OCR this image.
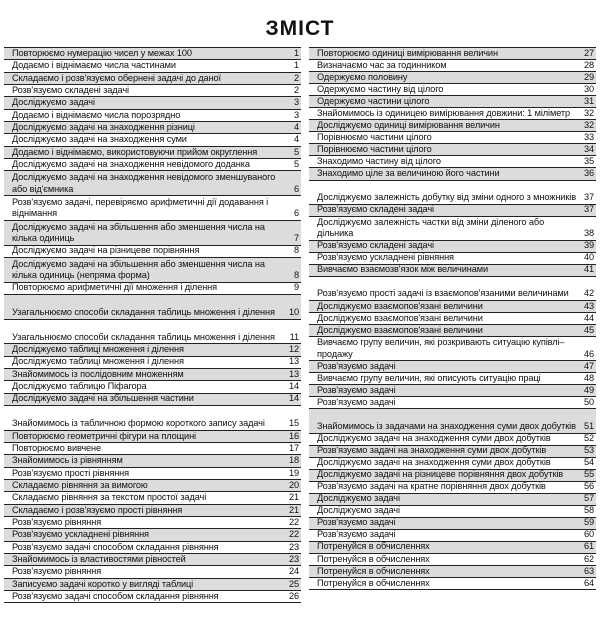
ЗМІСТ
Повторюємо нумерацію чисел у межах 100	1
Додаємо і віднімаємо числа частинами	1
Складаємо і розв'язуємо обернені задачі до даної	2
Розв'язуємо складені задачі	2
Досліджуємо задачі	3
Додаємо і віднімаємо числа порозрядно	3
Досліджуємо задачі на знаходження різниці	4
Досліджуємо задачі на знаходження суми	4
Додаємо і віднімаємо, використовуючи прийом округлення	5
Досліджуємо задачі на знаходження невідомого доданка	5
Досліджуємо задачі на знаходження невідомого зменшуваного або від'ємника	6
Розв'язуємо задачі, перевіряємо арифметичні дії додавання і віднімання	6
Досліджуємо задачі на збільшення або зменшення числа на кілька одиниць	7
Досліджуємо задачі на різницеве порівняння	8
Досліджуємо задачі на збільшення або зменшення числа на кілька одиниць (непряма форма)	8
Повторюємо арифметичні дії множення і ділення	9
Узагальнюємо способи складання таблиць множення і ділення	10
Узагальнюємо способи складання таблиць множення і ділення	11
Досліджуємо таблиці множення і ділення	12
Досліджуємо таблиці множення і ділення	13
Знайомимось із послідовним множенням	13
Досліджуємо таблицю Піфагора	14
Досліджуємо задачі на збільшення частини	14
Знайомимось із табличною формою короткого запису задачі	15
Повторюємо геометричні фігури на площині	16
Повторюємо вивчене	17
Знайомимось із рівнянням	18
Розв'язуємо прості рівняння	19
Складаємо рівняння за вимогою	20
Складаємо рівняння за текстом простої задачі	21
Складаємо і розв'язуємо прості рівняння	21
Розв'язуємо рівняння	22
Розв'язуємо ускладнені рівняння	22
Розв'язуємо задачі способом складання рівняння	23
Знайомимось із властивостями рівностей	23
Розв'язуємо рівняння	24
Записуємо задачі коротко у вигляді таблиці	25
Розв'язуємо задачі способом складання рівняння	26
Повторюємо одиниці вимірювання величин	27
Визначаємо час за годинником	28
Одержуємо половину	29
Одержуємо частину від цілого	30
Одержуємо частини цілого	31
Знайомимось із одиницею вимірювання довжини: 1 міліметр	32
Досліджуємо одиниці вимірювання величин	32
Порівнюємо частини цілого	33
Порівнюємо частини цілого	34
Знаходимо частину від цілого	35
Знаходимо ціле за величиною його частини	36
Досліджуємо залежність добутку від зміни одного з множників 37
Розв'язуємо складені задачі	37
Досліджуємо залежність частки від зміни діленого або дільника	38
Розв'язуємо складені задачі	39
Розв'язуємо ускладнені рівняння	40
Вивчаємо взаємозв'язок між величинами	41
Розв'язуємо прості задачі із взаємопов'язаними величинами	42
Досліджуємо взаємопов'язані величини	43
Досліджуємо взаємопов'язані величини	44
Досліджуємо взаємопов'язані величини	45
Вивчаємо групу величин, які розкривають ситуацію купівлі–продажу	46
Розв'язуємо задачі	47
Вивчаємо групу величин, які описують ситуацію праці	48
Розв'язуємо задачі	49
Розв'язуємо задачі	50
Знайомимось із задачами на знаходження суми двох добутків 51
Досліджуємо задачі на знаходження суми двох добутків	52
Розв'язуємо задачі на знаходження суми двох добутків	53
Досліджуємо задачі на знаходження суми двох добутків	54
Досліджуємо задачі на різницеве порівняння двох добутків	55
Розв'язуємо задачі на кратне порівняння двох добутків	56
Досліджуємо задачі	57
Досліджуємо задачі	58
Розв'язуємо задачі	59
Розв'язуємо задачі	60
Потренуйся в обчисленнях	61
Потренуйся в обчисленнях	62
Потренуйся в обчисленнях	63
Потренуйся в обчисленнях	64
